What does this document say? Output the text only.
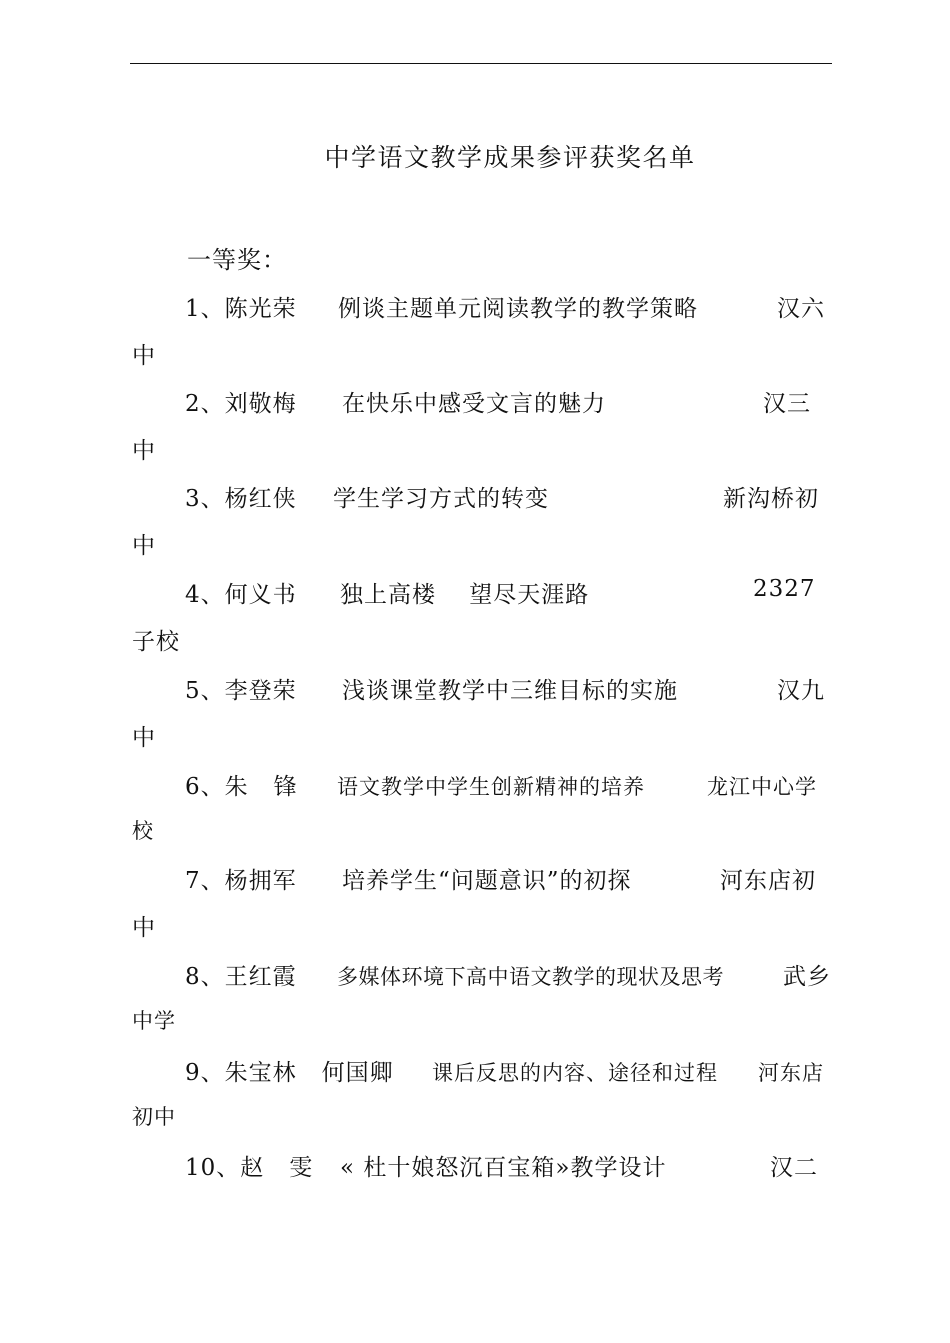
中学语文教学成果参评获奖名单
一等奖：
1、陈光荣 例谈主题单元阅读教学的教学策略	汉六
中
2、刘敬梅 在快乐中感受文言的魅力	汉三
中
3、杨红侠 学生学习方式的转变	新沟桥初
中
4、何义书 独上高楼    望尽天涯路	2327
子校
5、李登荣 浅谈课堂教学中三维目标的实施	汉九
中
6、朱   锋 语文教学中学生创新精神的培养	龙江中心学
校
7、杨拥军 培养学生“问题意识”的初探	河东店初
中
8、王红霞 多媒体环境下高中语文教学的现状及思考	武乡
中学
9、朱宝林   何国卿 课后反思的内容、途径和过程 河东店
初中
10、赵   雯 « 杜十娘怒沉百宝箱»教学设计	汉二
